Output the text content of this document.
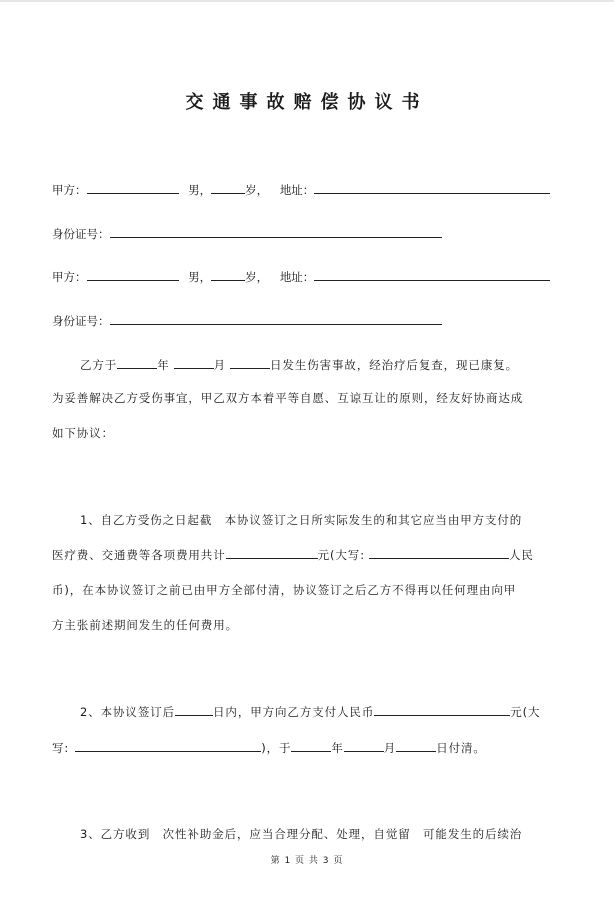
交通事故赔偿协议书
甲方：	男，	岁， 地址：
身份证号：
甲方：	男，	岁， 地址：
身份证号：
乙方于	年	月	日发生伤害事故，经治疗后复查，现已康复。
为妥善解决乙方受伤事宜，甲乙双方本着平等自愿、互谅互让的原则，经友好协商达成
如下协议：
1、自乙方受伤之日起截　本协议签订之日所实际发生的和其它应当由甲方支付的
医疗费、交通费等各项费用共计	元(大写:	人民
币)，在本协议签订之前已由甲方全部付清，协议签订之后乙方不得再以任何理由向甲
方主张前述期间发生的任何费用。
2、本协议签订后	日内，甲方向乙方支付人民币	元(大
写:	)，于	年	月	日付清。
3、乙方收到　次性补助金后，应当合理分配、处理，自觉留　可能发生的后续治
第 1 页 共 3 页
